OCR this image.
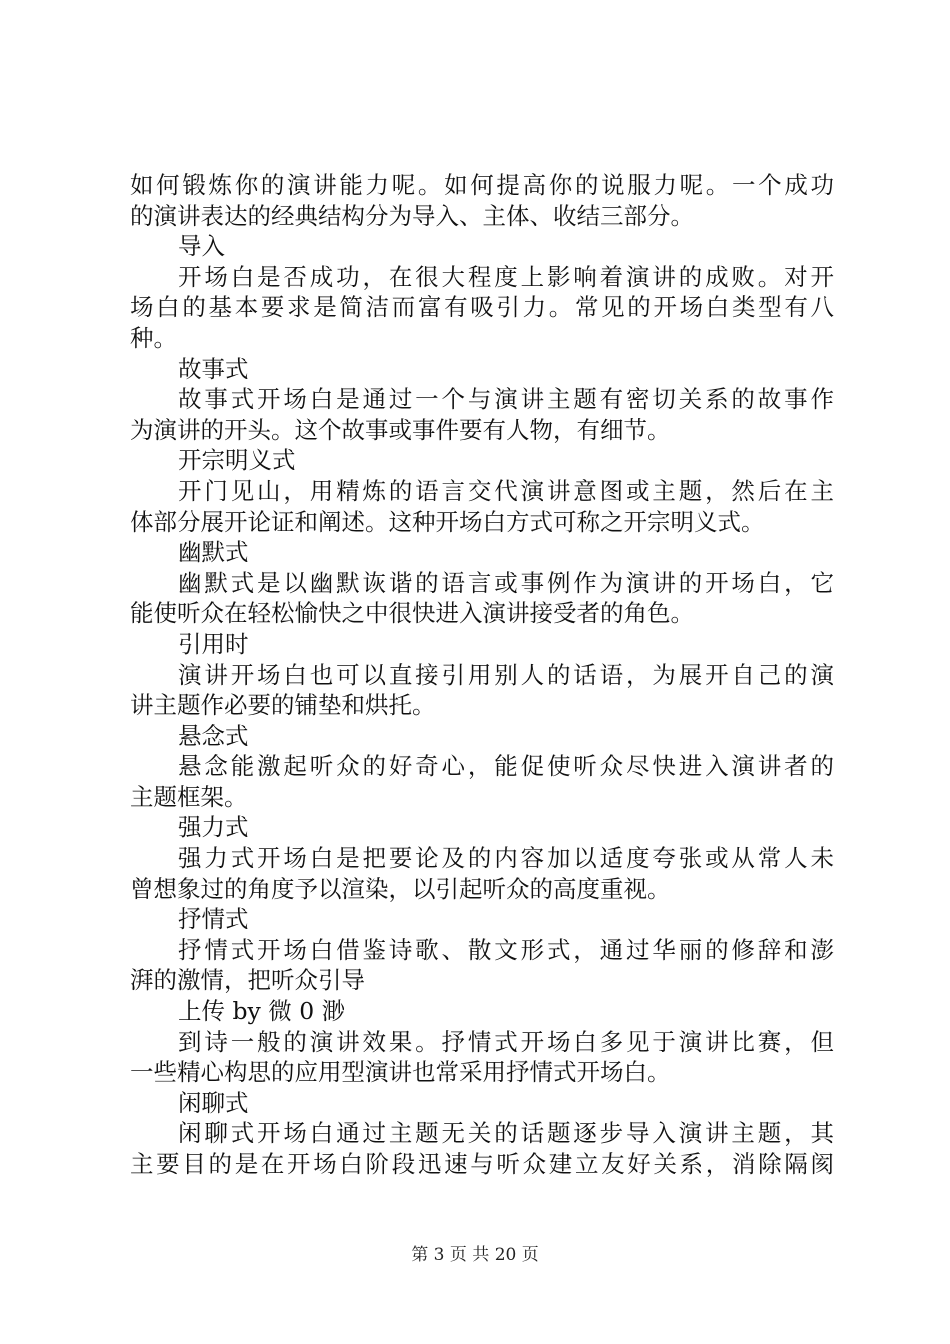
如何锻炼你的演讲能力呢。如何提高你的说服力呢。一个成功
的演讲表达的经典结构分为导入、主体、收结三部分。
导入
开场白是否成功，在很大程度上影响着演讲的成败。对开
场白的基本要求是简洁而富有吸引力。常见的开场白类型有八
种。
故事式
故事式开场白是通过一个与演讲主题有密切关系的故事作
为演讲的开头。这个故事或事件要有人物，有细节。
开宗明义式
开门见山，用精炼的语言交代演讲意图或主题，然后在主
体部分展开论证和阐述。这种开场白方式可称之开宗明义式。
幽默式
幽默式是以幽默诙谐的语言或事例作为演讲的开场白，它
能使听众在轻松愉快之中很快进入演讲接受者的角色。
引用时
演讲开场白也可以直接引用别人的话语，为展开自己的演
讲主题作必要的铺垫和烘托。
悬念式
悬念能激起听众的好奇心，能促使听众尽快进入演讲者的
主题框架。
强力式
强力式开场白是把要论及的内容加以适度夸张或从常人未
曾想象过的角度予以渲染，以引起听众的高度重视。
抒情式
抒情式开场白借鉴诗歌、散文形式，通过华丽的修辞和澎
湃的激情，把听众引导
上传 by 微 0 渺
到诗一般的演讲效果。抒情式开场白多见于演讲比赛，但
一些精心构思的应用型演讲也常采用抒情式开场白。
闲聊式
闲聊式开场白通过主题无关的话题逐步导入演讲主题，其
主要目的是在开场白阶段迅速与听众建立友好关系，消除隔阂
第 3 页 共 20 页
